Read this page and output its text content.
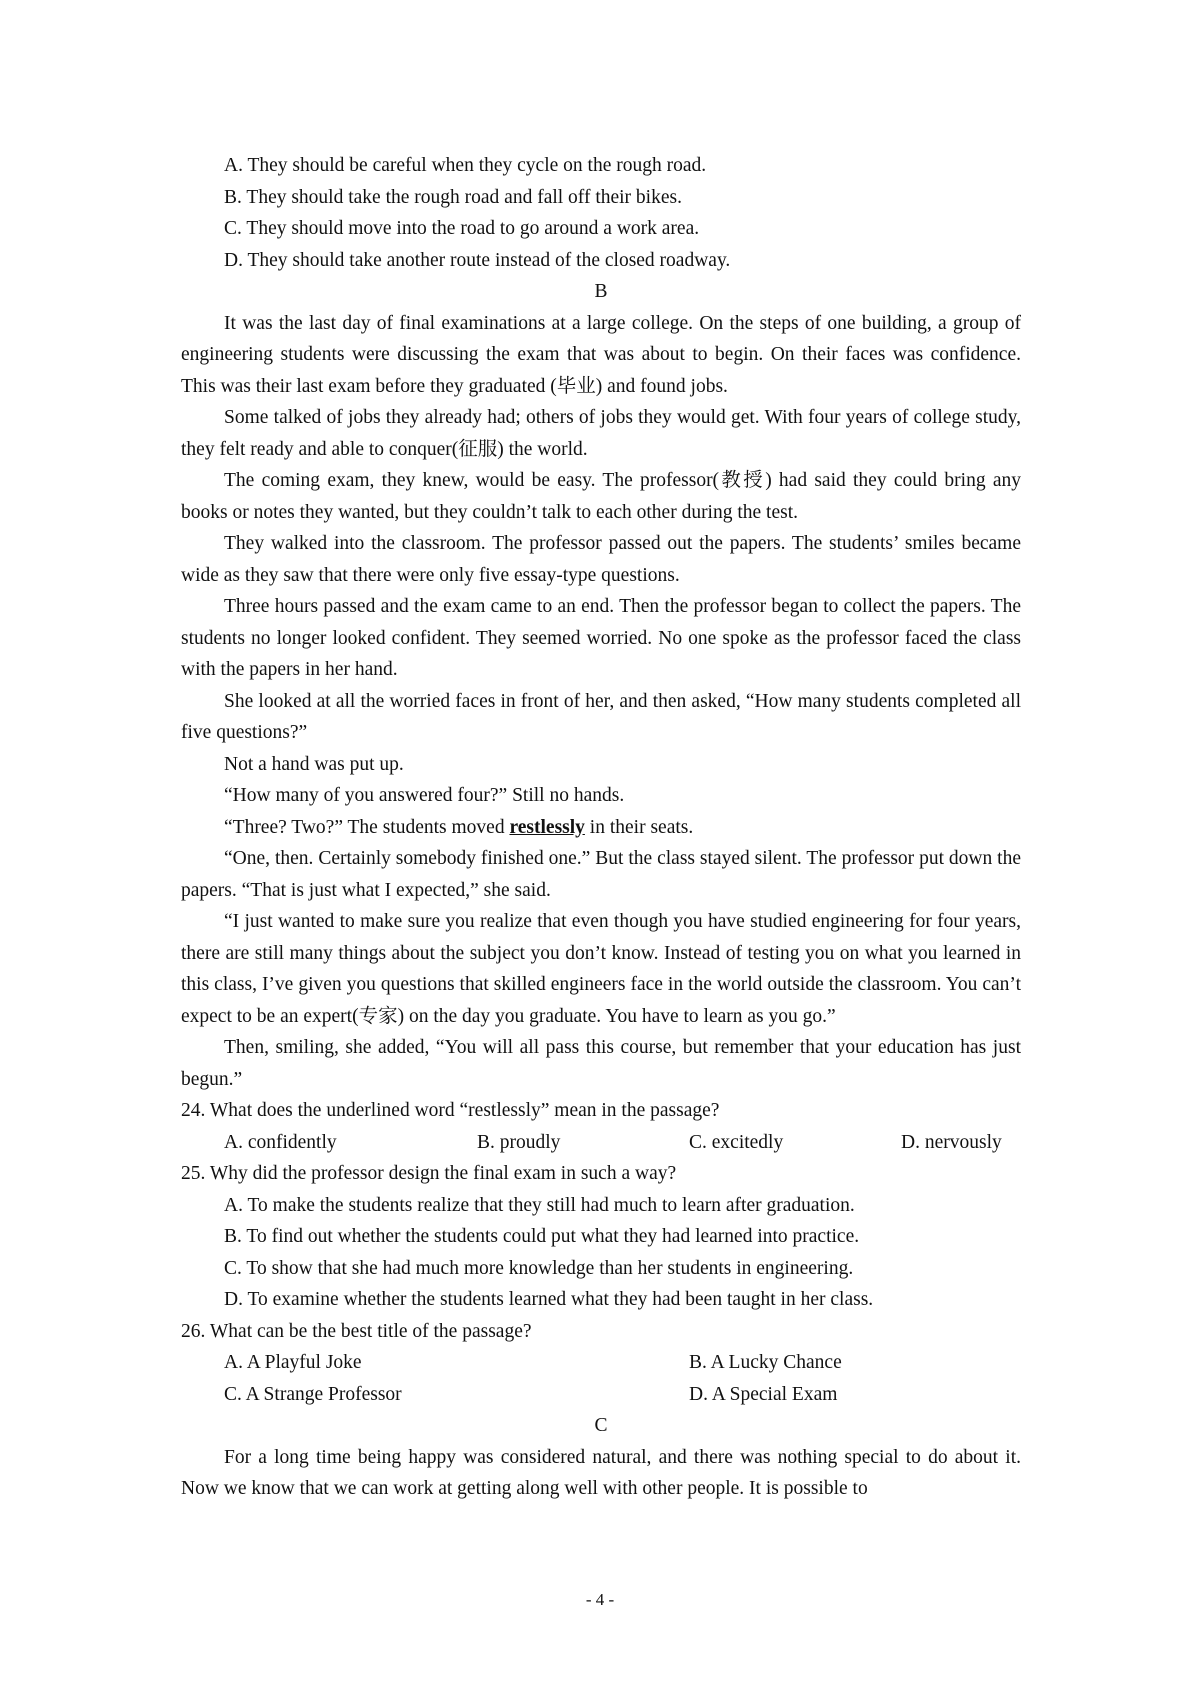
A. They should be careful when they cycle on the rough road.

B. They should take the rough road and fall off their bikes.

C. They should move into the road to go around a work area.

D. They should take another route instead of the closed roadway.

B

It was the last day of final examinations at a large college. On the steps of one building, a group of engineering students were discussing the exam that was about to begin. On their faces was confidence. This was their last exam before they graduated (毕业) and found jobs.

Some talked of jobs they already had; others of jobs they would get. With four years of college study, they felt ready and able to conquer(征服) the world.

The coming exam, they knew, would be easy. The professor(教授) had said they could bring any books or notes they wanted, but they couldn’t talk to each other during the test.

They walked into the classroom. The professor passed out the papers. The students’ smiles became wide as they saw that there were only five essay-type questions.

Three hours passed and the exam came to an end. Then the professor began to collect the papers. The students no longer looked confident. They seemed worried. No one spoke as the professor faced the class with the papers in her hand.

She looked at all the worried faces in front of her, and then asked, “How many students completed all five questions?”

Not a hand was put up.

“How many of you answered four?” Still no hands.

“Three? Two?” The students moved restlessly in their seats.

“One, then. Certainly somebody finished one.” But the class stayed silent. The professor put down the papers. “That is just what I expected,” she said.

“I just wanted to make sure you realize that even though you have studied engineering for four years, there are still many things about the subject you don’t know. Instead of testing you on what you learned in this class, I’ve given you questions that skilled engineers face in the world outside the classroom. You can’t expect to be an expert(专家) on the day you graduate. You have to learn as you go.”

Then, smiling, she added, “You will all pass this course, but remember that your education has just begun.”

24. What does the underlined word “restlessly” mean in the passage?

A. confidently	B. proudly	C. excitedly	D. nervously

25. Why did the professor design the final exam in such a way?

A. To make the students realize that they still had much to learn after graduation.

B. To find out whether the students could put what they had learned into practice.

C. To show that she had much more knowledge than her students in engineering.

D. To examine whether the students learned what they had been taught in her class.

26. What can be the best title of the passage?

A. A Playful Joke	B. A Lucky Chance
C. A Strange Professor	D. A Special Exam

C

For a long time being happy was considered natural, and there was nothing special to do about it. Now we know that we can work at getting along well with other people. It is possible to

- 4 -
